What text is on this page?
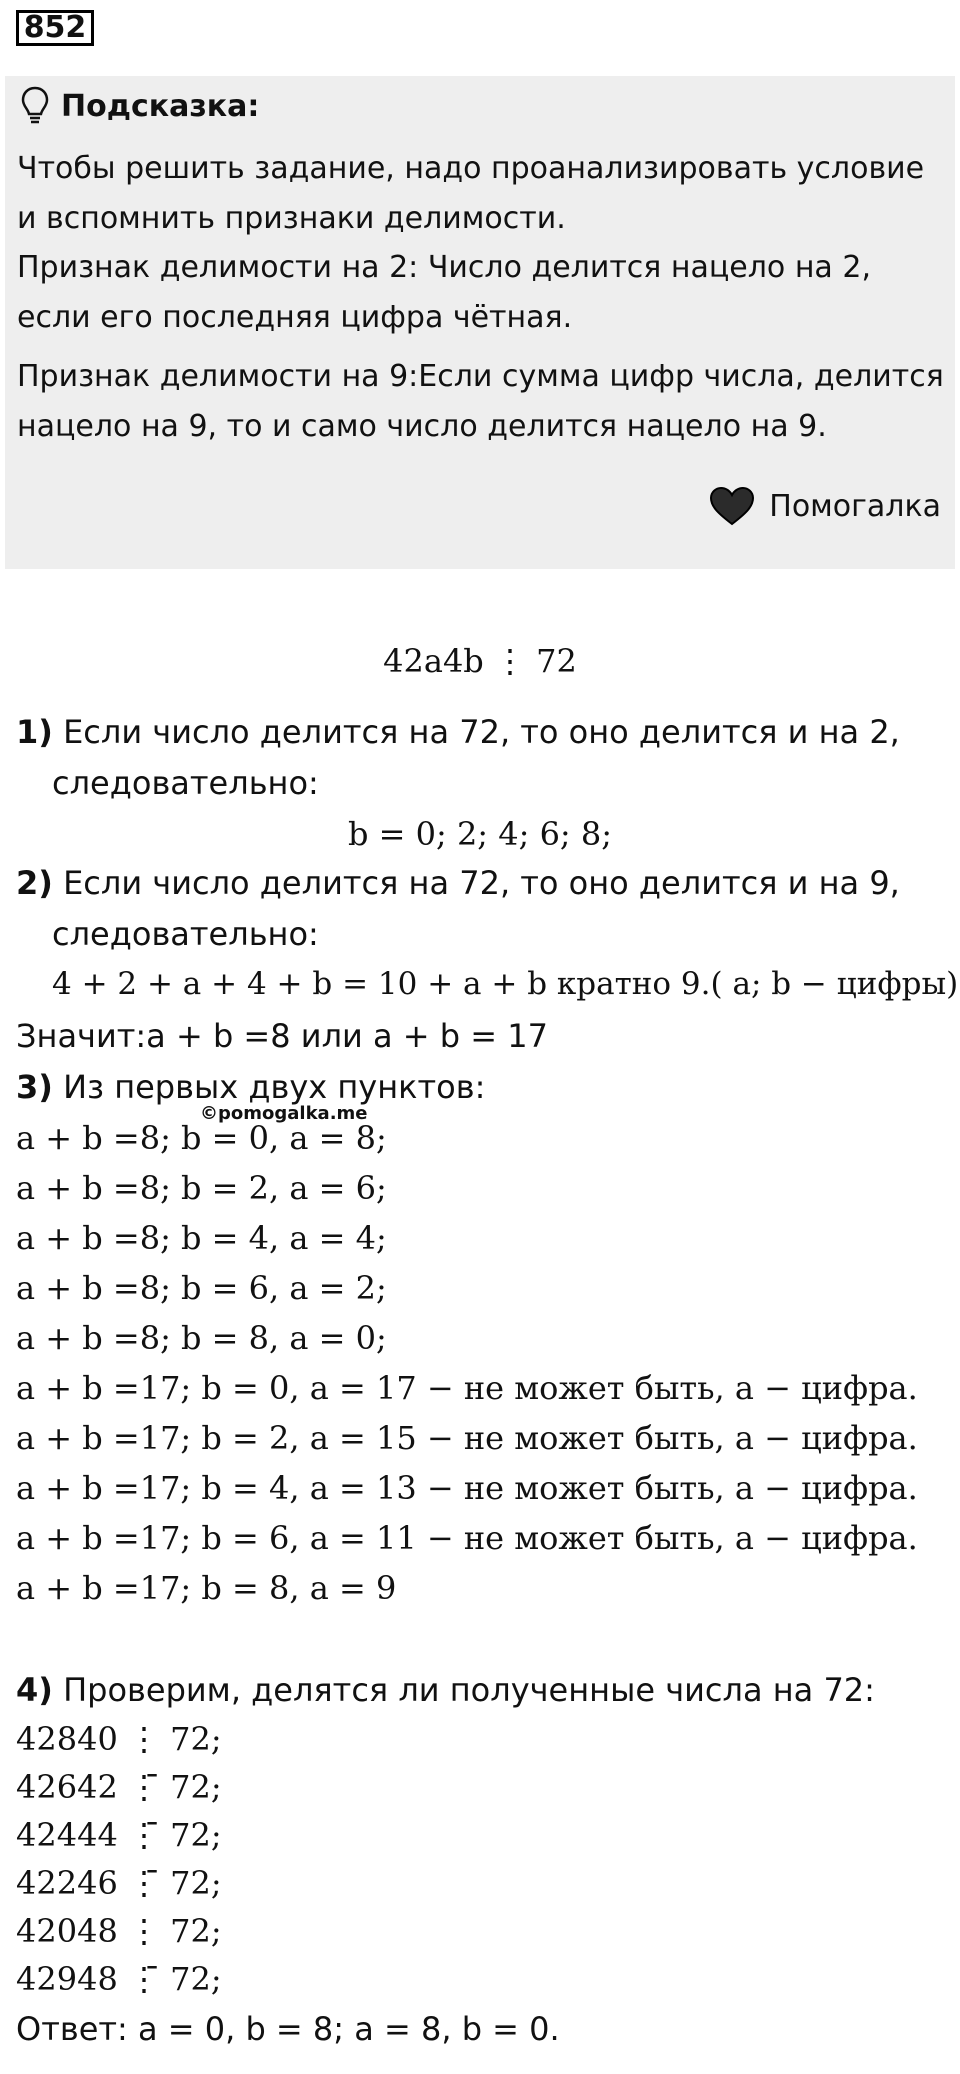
852
Подсказка:
Чтобы решить задание, надо проанализировать условие и вспомнить признаки делимости.
Признак делимости на 2: Число делится нацело на 2, если его последняя цифра чётная.
Признак делимости на 9:Если сумма цифр числа, делится нацело на 9, то и само число делится нацело на 9.
Помогалка
42a4b ⋮ 72
1) Если число делится на 72, то оно делится и на 2,
следовательно:
b = 0; 2; 4; 6; 8;
2) Если число делится на 72, то оно делится и на 9,
следовательно:
4 + 2 + a + 4 + b = 10 + a + b кратно 9.( a; b − цифры)
Значит:a + b =8 или a + b = 17
3) Из первых двух пунктов:
©pomogalka.me
a + b =8; b = 0, a = 8;
a + b =8; b = 2, a = 6;
a + b =8; b = 4, a = 4;
a + b =8; b = 6, a = 2;
a + b =8; b = 8, a = 0;
a + b =17; b = 0, a = 17 − не может быть, a − цифра.
a + b =17; b = 2, a = 15 − не может быть, a − цифра.
a + b =17; b = 4, a = 13 − не может быть, a − цифра.
a + b =17; b = 6, a = 11 − не может быть, a − цифра.
a + b =17; b = 8, a = 9
4) Проверим, делятся ли полученные числа на 72:
42840 ⋮ 72;
42642 ⋮̄ 72;
42444 ⋮̄ 72;
42246 ⋮̄ 72;
42048 ⋮ 72;
42948 ⋮̄ 72;
Ответ: a = 0, b = 8; a = 8, b = 0.
